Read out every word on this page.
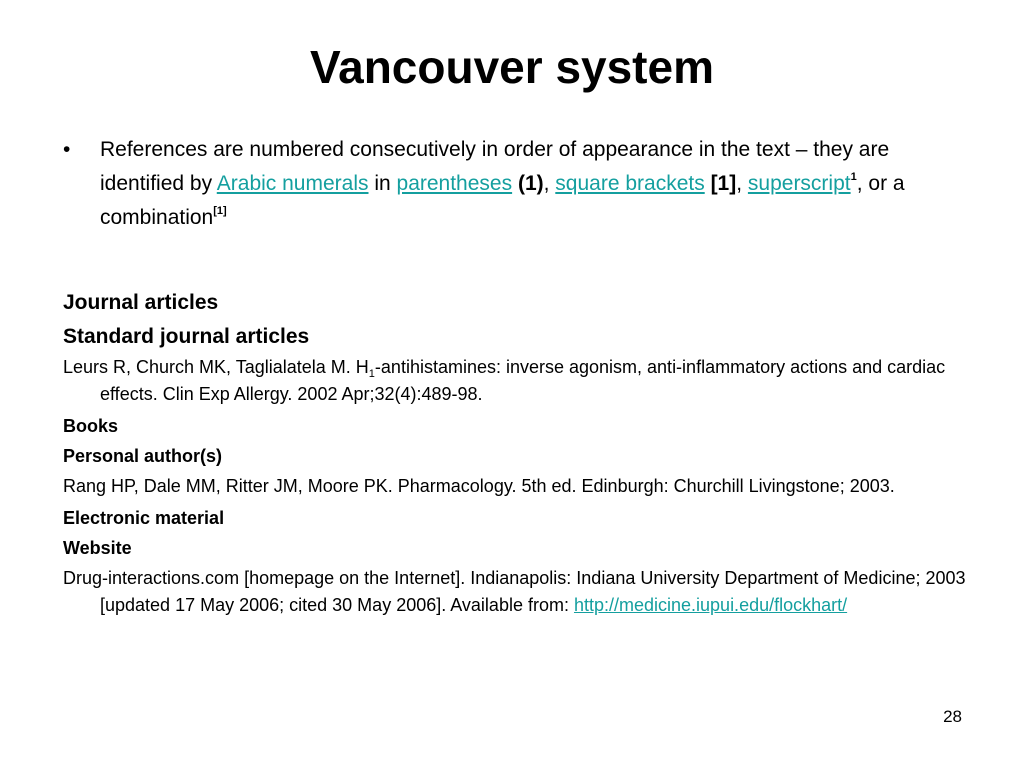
Vancouver system
• References are numbered consecutively in order of appearance in the text – they are identified by Arabic numerals in parentheses (1), square brackets [1], superscript$^1$, or a combination[1]
Journal articles
Standard journal articles
Leurs R, Church MK, Taglialatela M. $H_1$-antihistamines: inverse agonism, anti-inflammatory actions and cardiac effects. Clin Exp Allergy. 2002 Apr;32(4):489-98.
Books
Personal author(s)
Rang HP, Dale MM, Ritter JM, Moore PK. Pharmacology. 5th ed. Edinburgh: Churchill Livingstone; 2003.
Electronic material
Website
Drug-interactions.com [homepage on the Internet]. Indianapolis: Indiana University Department of Medicine; 2003 [updated 17 May 2006; cited 30 May 2006]. Available from: http://medicine.iupui.edu/flockhart/
28
